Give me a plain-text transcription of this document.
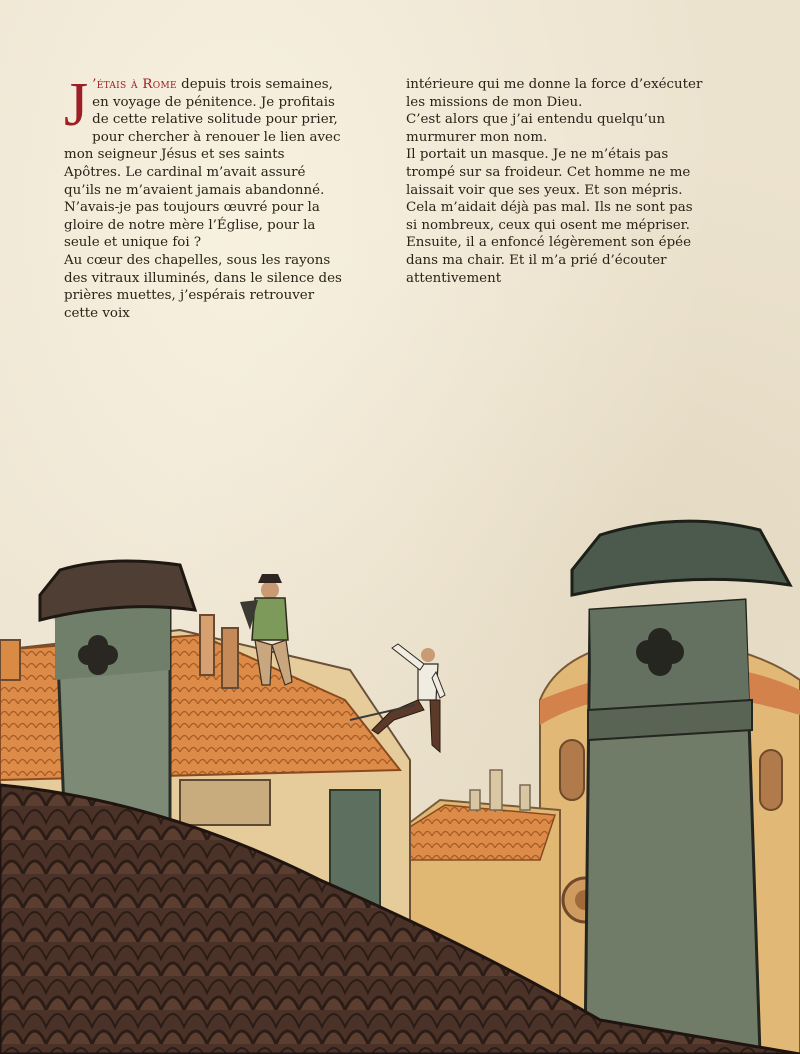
J ’étais à Rome depuis trois semaines, en voyage de pénitence. Je profitais de cette relative solitude pour prier, pour chercher à renouer le lien avec mon seigneur Jésus et ses saints Apôtres. Le cardinal m’avait assuré qu’ils ne m’avaient jamais abandonné. N’avais-je pas toujours œuvré pour la gloire de notre mère l’Église, pour la seule et unique foi ?

Au cœur des chapelles, sous les rayons des vitraux illuminés, dans le silence des prières muettes, j’espérais retrouver cette voix

intérieure qui me donne la force d’exécuter les missions de mon Dieu.

C’est alors que j’ai entendu quelqu’un murmurer mon nom.

Il portait un masque. Je ne m’étais pas trompé sur sa froideur. Cet homme ne me laissait voir que ses yeux. Et son mépris.

Cela m’aidait déjà pas mal. Ils ne sont pas si nombreux, ceux qui osent me mépriser.

Ensuite, il a enfoncé légèrement son épée dans ma chair. Et il m’a prié d’écouter attentivement
